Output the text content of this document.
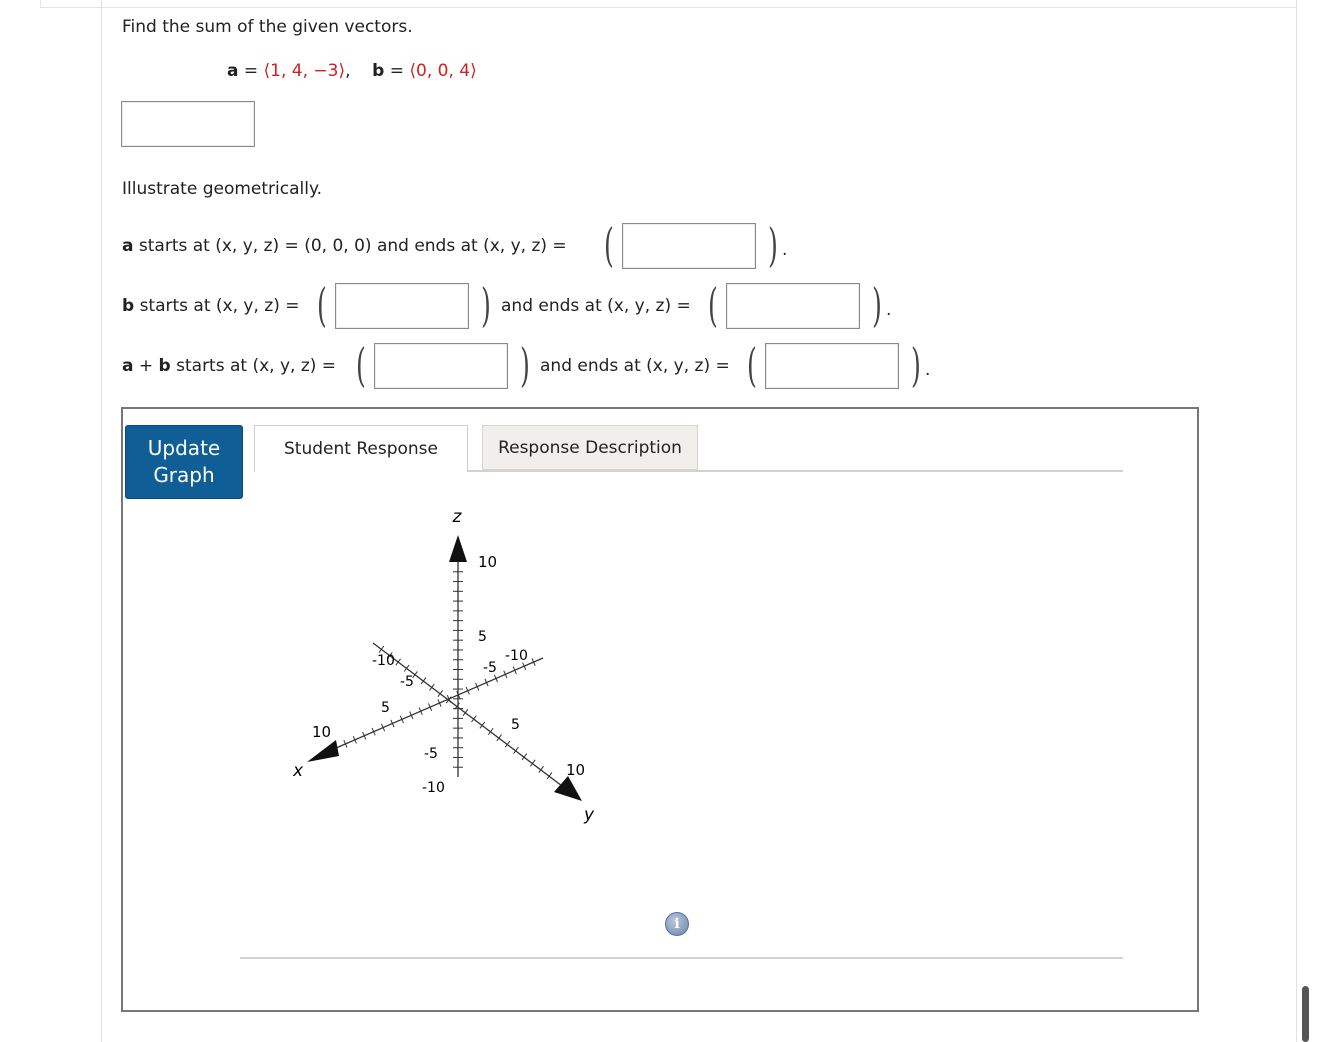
Find the sum of the given vectors.
a = ⟨1, 4, −3⟩, b = ⟨0, 0, 4⟩
Illustrate geometrically.
a starts at (x, y, z) = (0, 0, 0) and ends at (x, y, z) = (	) .
b starts at (x, y, z) = (	) and ends at (x, y, z) = (	) .
a + b starts at (x, y, z) = (	) and ends at (x, y, z) = (	) .
Update Graph
Student Response	Response Description
z
x
y
10
5
-5
-10
10
5
-5
-10
10
5
-5
-10
i
